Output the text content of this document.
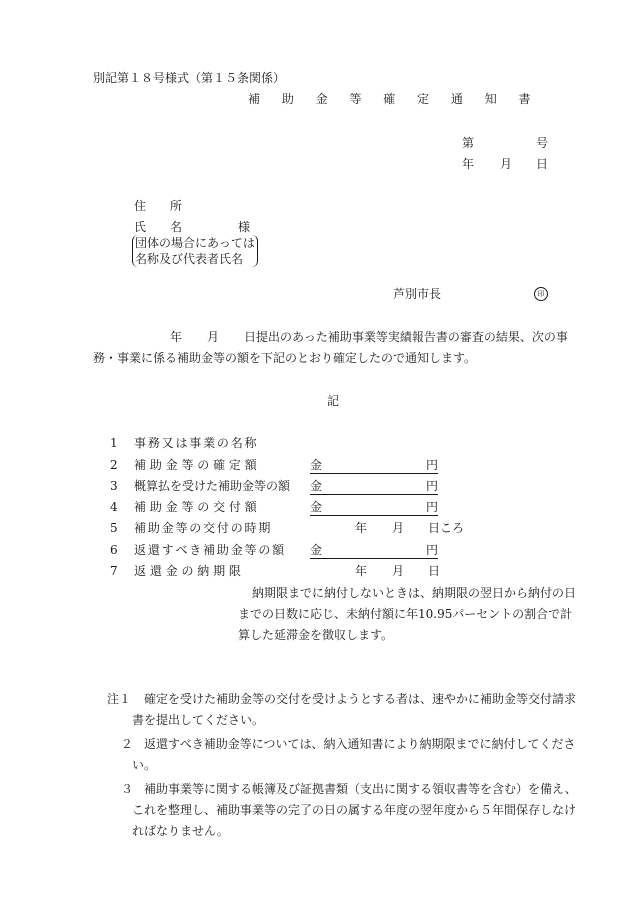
別記第１８号様式（第１５条関係）
補 助 金 等 確 定 通 知 書
第	号
年 月 日
住　　所
氏　　名	様
団体の場合にあっては
名称及び代表者氏名
芦別市長	印
年 月 日提出のあった補助事業等実績報告書の審査の結果、次の事
務・事業に係る補助金等の額を下記のとおり確定したので通知します。
記
1 事 務 又 は 事 業 の 名 称
2 補 助 金 等 の 確 定 額	金	円
3 概算払を受けた補助金等の額 金	円
4 補 助 金 等 の 交 付 額	金	円
5 補 助 金 等 の 交 付 の 時 期	年 月 日ころ
6 返 還 す べ き 補 助 金 等 の 額 金	円
7 返 還 金 の 納 期 限	年 月 日
納期限までに納付しないときは、納期限の翌日から納付の日
までの日数に応じ、未納付額に年10.95パーセントの割合で計
算した延滞金を徴収します。
注１ 確定を受けた補助金等の交付を受けようとする者は、速やかに補助金等交付請求
書を提出してください。
２ 返還すべき補助金等については、納入通知書により納期限までに納付してくださ
い。
３ 補助事業等に関する帳簿及び証拠書類（支出に関する領収書等を含む）を備え、
これを整理し、補助事業等の完了の日の属する年度の翌年度から５年間保存しなけ
ればなりません。
